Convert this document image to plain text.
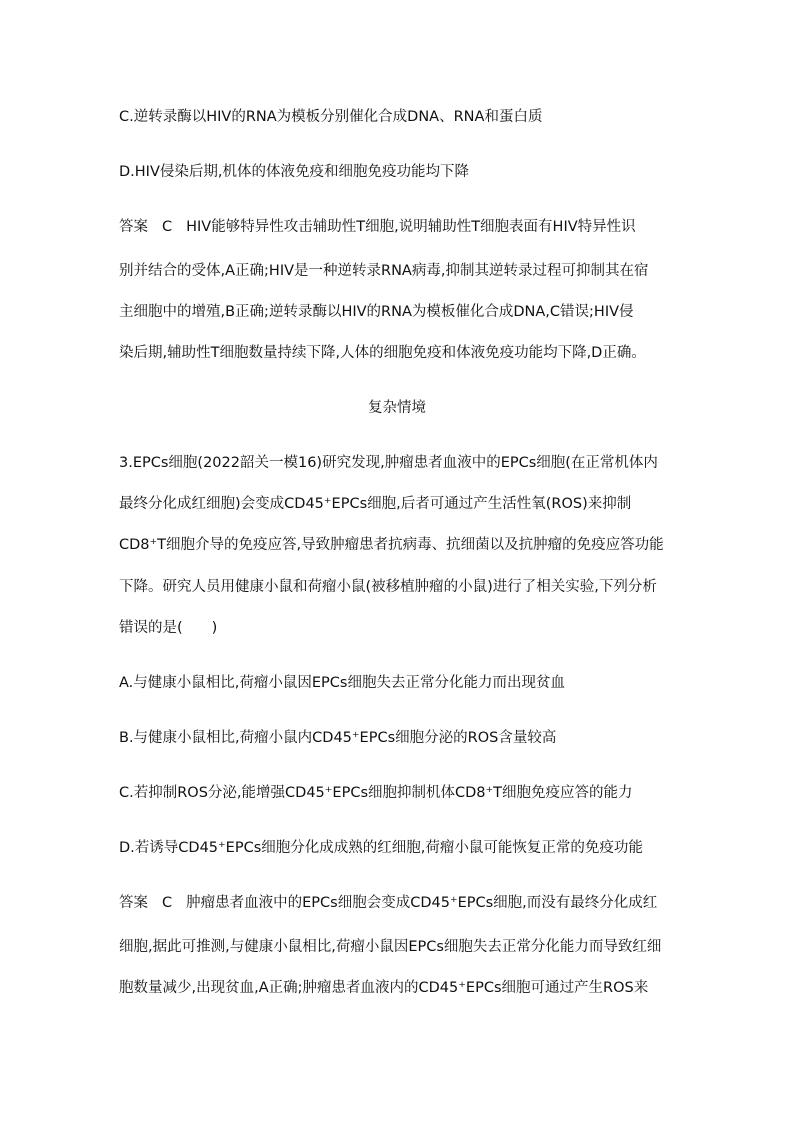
C.逆转录酶以HIV的RNA为模板分别催化合成DNA、RNA和蛋白质
D.HIV侵染后期,机体的体液免疫和细胞免疫功能均下降
答案 C HIV能够特异性攻击辅助性T细胞,说明辅助性T细胞表面有HIV特异性识
别并结合的受体,A正确;HIV是一种逆转录RNA病毒,抑制其逆转录过程可抑制其在宿
主细胞中的增殖,B正确;逆转录酶以HIV的RNA为模板催化合成DNA,C错误;HIV侵
染后期,辅助性T细胞数量持续下降,人体的细胞免疫和体液免疫功能均下降,D正确。
复杂情境
3.EPCs细胞(2022韶关一模16)研究发现,肿瘤患者血液中的EPCs细胞(在正常机体内
最终分化成红细胞)会变成CD45⁺EPCs细胞,后者可通过产生活性氧(ROS)来抑制
CD8⁺T细胞介导的免疫应答,导致肿瘤患者抗病毒、抗细菌以及抗肿瘤的免疫应答功能
下降。研究人员用健康小鼠和荷瘤小鼠(被移植肿瘤的小鼠)进行了相关实验,下列分析
错误的是(　　)
A.与健康小鼠相比,荷瘤小鼠因EPCs细胞失去正常分化能力而出现贫血
B.与健康小鼠相比,荷瘤小鼠内CD45⁺EPCs细胞分泌的ROS含量较高
C.若抑制ROS分泌,能增强CD45⁺EPCs细胞抑制机体CD8⁺T细胞免疫应答的能力
D.若诱导CD45⁺EPCs细胞分化成成熟的红细胞,荷瘤小鼠可能恢复正常的免疫功能
答案 C 肿瘤患者血液中的EPCs细胞会变成CD45⁺EPCs细胞,而没有最终分化成红
细胞,据此可推测,与健康小鼠相比,荷瘤小鼠因EPCs细胞失去正常分化能力而导致红细
胞数量减少,出现贫血,A正确;肿瘤患者血液内的CD45⁺EPCs细胞可通过产生ROS来
